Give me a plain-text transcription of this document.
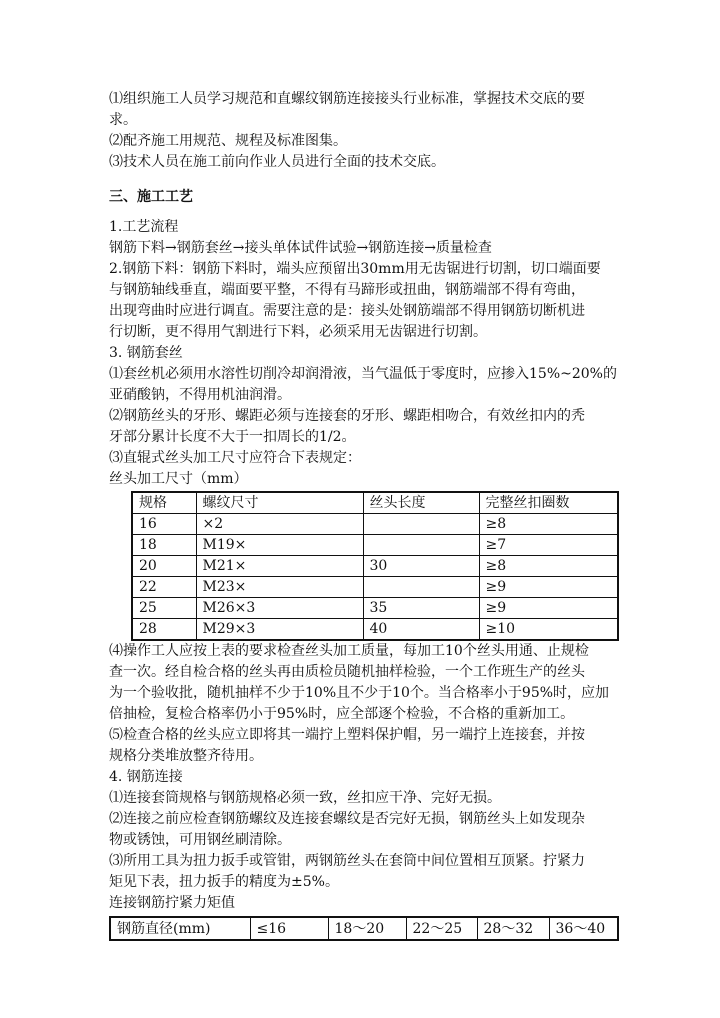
⑴组织施工人员学习规范和直螺纹钢筋连接接头行业标准，掌握技术交底的要
求。
⑵配齐施工用规范、规程及标准图集。
⑶技术人员在施工前向作业人员进行全面的技术交底。
三、施工工艺
1.工艺流程
钢筋下料→钢筋套丝→接头单体试件试验→钢筋连接→质量检查
2.钢筋下料：钢筋下料时，端头应预留出30mm用无齿锯进行切割，切口端面要
与钢筋轴线垂直，端面要平整，不得有马蹄形或扭曲，钢筋端部不得有弯曲，
出现弯曲时应进行调直。需要注意的是：接头处钢筋端部不得用钢筋切断机进
行切断，更不得用气割进行下料，必须采用无齿锯进行切割。
3. 钢筋套丝
⑴套丝机必须用水溶性切削冷却润滑液，当气温低于零度时，应掺入15%~20%的
亚硝酸钠，不得用机油润滑。
⑵钢筋丝头的牙形、螺距必须与连接套的牙形、螺距相吻合，有效丝扣内的秃
牙部分累计长度不大于一扣周长的1/2。
⑶直辊式丝头加工尺寸应符合下表规定：
丝头加工尺寸（mm）
规格	螺纹尺寸	丝头长度	完整丝扣圈数
16	×2		≥8
18	M19×		≥7
20	M21×	30	≥8
22	M23×		≥9
25	M26×3	35	≥9
28	M29×3	40	≥10
⑷操作工人应按上表的要求检查丝头加工质量，每加工10个丝头用通、止规检
查一次。经自检合格的丝头再由质检员随机抽样检验，一个工作班生产的丝头
为一个验收批，随机抽样不少于10%且不少于10个。当合格率小于95%时，应加
倍抽检，复检合格率仍小于95%时，应全部逐个检验，不合格的重新加工。
⑸检查合格的丝头应立即将其一端拧上塑料保护帽，另一端拧上连接套，并按
规格分类堆放整齐待用。
4. 钢筋连接
⑴连接套筒规格与钢筋规格必须一致，丝扣应干净、完好无损。
⑵连接之前应检查钢筋螺纹及连接套螺纹是否完好无损，钢筋丝头上如发现杂
物或锈蚀，可用钢丝刷清除。
⑶所用工具为扭力扳手或管钳，两钢筋丝头在套筒中间位置相互顶紧。拧紧力
矩见下表，扭力扳手的精度为±5%。
连接钢筋拧紧力矩值
钢筋直径(mm)	≤16	18～20	22～25	28～32	36～40
